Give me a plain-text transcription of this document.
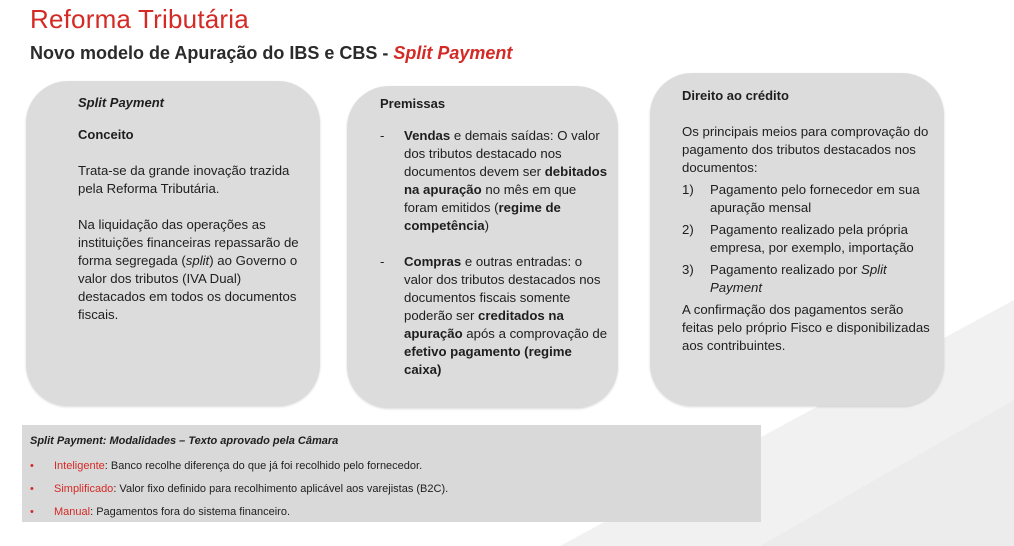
Reforma Tributária
Novo modelo de Apuração do IBS e CBS - Split Payment

Split Payment

Conceito

Trata-se da grande inovação trazida pela Reforma Tributária.

Na liquidação das operações as instituições financeiras repassarão de forma segregada (split) ao Governo o valor dos tributos (IVA Dual) destacados em todos os documentos fiscais.

Premissas

-	Vendas e demais saídas: O valor dos tributos destacado nos documentos devem ser debitados na apuração no mês em que foram emitidos (regime de competência)
-	Compras e outras entradas: o valor dos tributos destacados nos documentos fiscais somente poderão ser creditados na apuração após a comprovação de efetivo pagamento (regime caixa)

Direito ao crédito

Os principais meios para comprovação do pagamento dos tributos destacados nos documentos:

1)	Pagamento pelo fornecedor em sua apuração mensal
2)	Pagamento realizado pela própria empresa, por exemplo, importação
3)	Pagamento realizado por Split Payment

A confirmação dos pagamentos serão feitas pelo próprio Fisco e disponibilizadas aos contribuintes.

Split Payment: Modalidades – Texto aprovado pela Câmara
•	Inteligente : Banco recolhe diferença do que já foi recolhido pelo fornecedor.
•	Simplificado : Valor fixo definido para recolhimento aplicável aos varejistas (B2C).
•	Manual : Pagamentos fora do sistema financeiro.
